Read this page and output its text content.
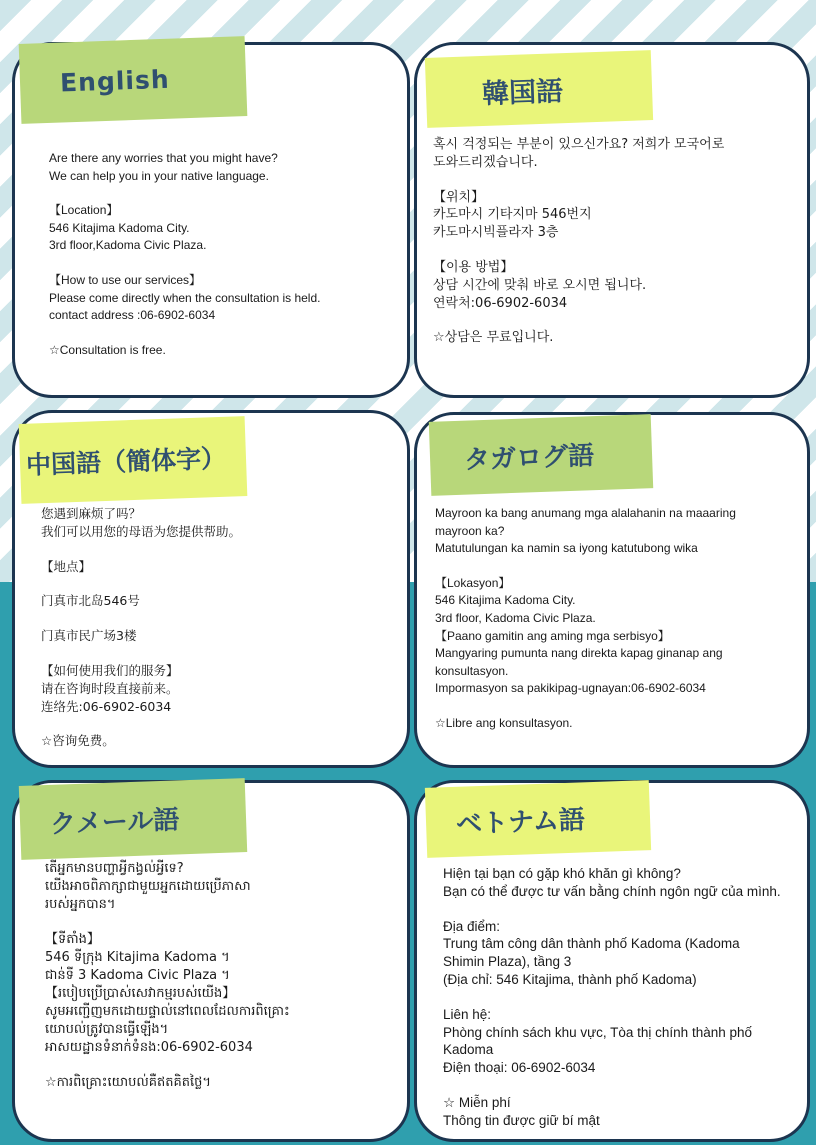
Are there any worries that you might have?
We can help you in your native language.
【Location】
546 Kitajima Kadoma City.
3rd floor,Kadoma Civic Plaza.
【How to use our services】
Please come directly when the consultation is held.
contact address :06-6902-6034
☆Consultation is free.
English
혹시 걱정되는 부분이 있으신가요? 저희가 모국어로
도와드리겠습니다.
【위치】
카도마시 기타지마 546번지
카도마시빅플라자 3층
【이용 방법】
상담 시간에 맞춰 바로 오시면 됩니다.
연락처:06-6902-6034
☆상담은 무료입니다.
韓国語
您遇到麻烦了吗？
我们可以用您的母语为您提供帮助。
【地点】
门真市北岛546号
门真市民广场3楼
【如何使用我们的服务】
请在咨询时段直接前来。
连络先:06-6902-6034
☆咨询免费。
中国語（簡体字）
Mayroon ka bang anumang mga alalahanin na maaaring
mayroon ka?
Matutulungan ka namin sa iyong katutubong wika
【Lokasyon】
546 Kitajima Kadoma City.
3rd floor, Kadoma Civic Plaza.
【Paano gamitin ang aming mga serbisyo】
Mangyaring pumunta nang direkta kapag ginanap ang
konsultasyon.
Impormasyon sa pakikipag-ugnayan:06-6902-6034
☆Libre ang konsultasyon.
タガログ語
តើអ្នកមានបញ្ហាអ្វីកង្វល់អ្វីទេ?
យើងអាចពិភាក្សាជាមួយអ្នកដោយប្រើភាសា
របស់អ្នកបាន។
【ទីតាំង】
546 ទីក្រុង Kitajima Kadoma ។
ជាន់ទី 3 Kadoma Civic Plaza ។
【របៀបប្រើប្រាស់សេវាកម្មរបស់យើង】
សូមអញ្ជើញមកដោយផ្ទាល់នៅពេលដែលការពិគ្រោះ
យោបល់ត្រូវបានធ្វើឡើង។
អាសយដ្ឋានទំនាក់ទំនង:06-6902-6034
☆ការពិគ្រោះយោបល់គឺឥតគិតថ្លៃ។
クメール語
Hiện tại bạn có gặp khó khăn gì không?
Bạn có thể được tư vấn bằng chính ngôn ngữ của mình.
Địa điểm:
Trung tâm công dân thành phố Kadoma (Kadoma
Shimin Plaza), tầng 3
(Địa chỉ: 546 Kitajima, thành phố Kadoma)
Liên hệ:
Phòng chính sách khu vực, Tòa thị chính thành phố
Kadoma
Điện thoại: 06-6902-6034
☆ Miễn phí
Thông tin được giữ bí mật
ベトナム語
